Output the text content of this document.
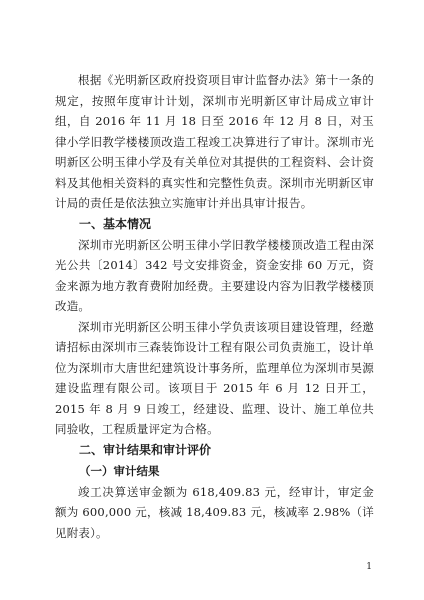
根据《光明新区政府投资项目审计监督办法》第十一条的规定，按照年度审计计划，深圳市光明新区审计局成立审计组，自 2016 年 11 月 18 日至 2016 年 12 月 8 日，对玉律小学旧教学楼楼顶改造工程竣工决算进行了审计。深圳市光明新区公明玉律小学及有关单位对其提供的工程资料、会计资料及其他相关资料的真实性和完整性负责。深圳市光明新区审计局的责任是依法独立实施审计并出具审计报告。

一、基本情况

深圳市光明新区公明玉律小学旧教学楼楼顶改造工程由深光公共〔2014〕342 号文安排资金，资金安排 60 万元，资金来源为地方教育费附加经费。主要建设内容为旧教学楼楼顶改造。

深圳市光明新区公明玉律小学负责该项目建设管理，经邀请招标由深圳市三森装饰设计工程有限公司负责施工，设计单位为深圳市大唐世纪建筑设计事务所，监理单位为深圳市昊源建设监理有限公司。该项目于 2015 年 6 月 12 日开工，2015 年 8 月 9 日竣工，经建设、监理、设计、施工单位共同验收，工程质量评定为合格。

二、审计结果和审计评价

（一）审计结果

竣工决算送审金额为 618,409.83 元，经审计，审定金额为 600,000 元，核减 18,409.83 元，核减率 2.98%（详见附表）。

1
